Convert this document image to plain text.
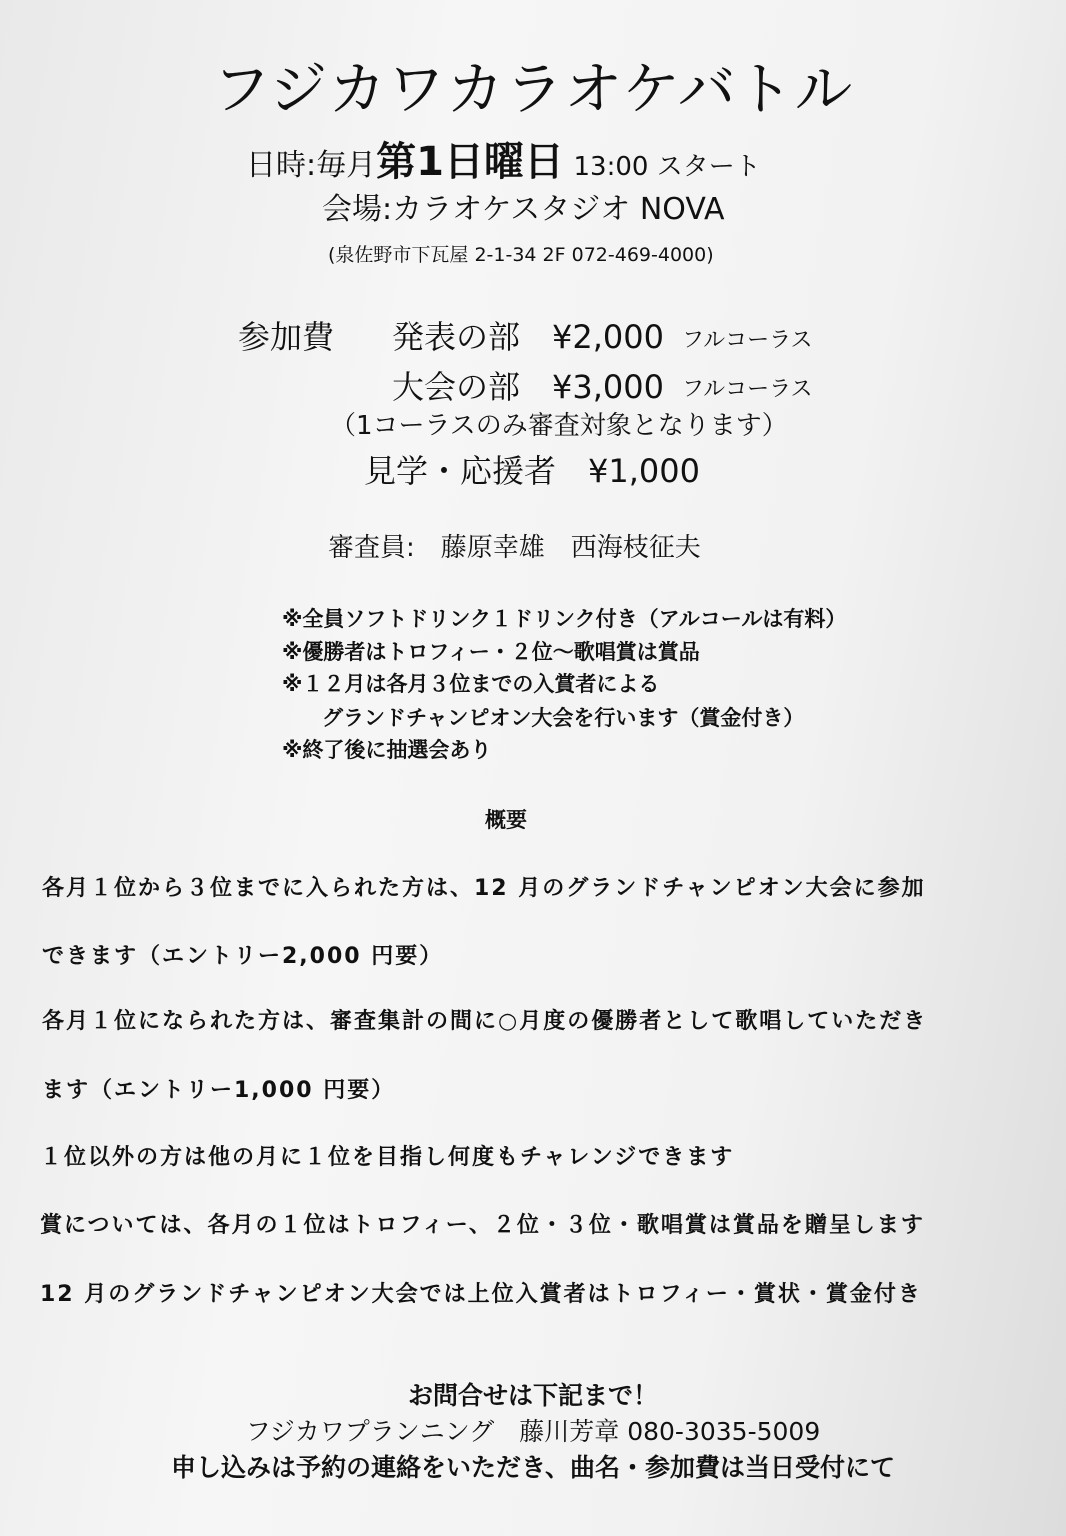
フジカワカラオケバトル
日時:毎月第1日曜日 13:00 スタート
会場:カラオケスタジオ NOVA
(泉佐野市下瓦屋 2-1-34 2F 072-469-4000)
参加費 発表の部　¥2,000 フルコーラス
大会の部　¥3,000 フルコーラス
（1コーラスのみ審査対象となります）
見学・応援者　¥1,000
審査員:　藤原幸雄　西海枝征夫
※全員ソフトドリンク１ドリンク付き（アルコールは有料）
※優勝者はトロフィー・２位～歌唱賞は賞品
※１２月は各月３位までの入賞者による
グランドチャンピオン大会を行います（賞金付き）
※終了後に抽選会あり
概要
各月１位から３位までに入られた方は、12 月のグランドチャンピオン大会に参加
できます（エントリー2,000 円要）
各月１位になられた方は、審査集計の間に○月度の優勝者として歌唱していただき
ます（エントリー1,000 円要）
１位以外の方は他の月に１位を目指し何度もチャレンジできます
賞については、各月の１位はトロフィー、２位・３位・歌唱賞は賞品を贈呈します
12 月のグランドチャンピオン大会では上位入賞者はトロフィー・賞状・賞金付き
お問合せは下記まで！
フジカワプランニング　藤川芳章 080-3035-5009
申し込みは予約の連絡をいただき、曲名・参加費は当日受付にて
